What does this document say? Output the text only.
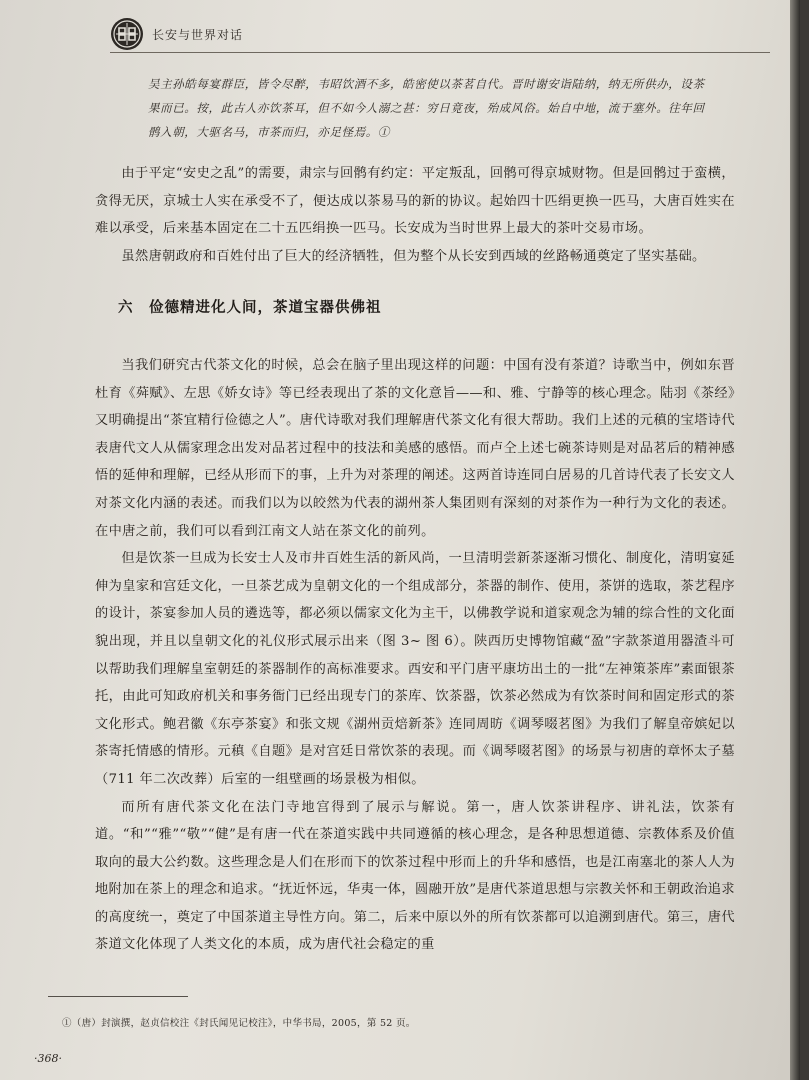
长安与世界对话
吴主孙皓每宴群臣，皆令尽醉，韦昭饮酒不多，皓密使以茶茗自代。晋时谢安诣陆纳，纳无所供办，设茶果而已。按，此古人亦饮茶耳，但不如今人溺之甚：穷日竟夜，殆成风俗。始自中地，流于塞外。往年回鹘入朝，大驱名马，市茶而归，亦足怪焉。①

由于平定“安史之乱”的需要，肃宗与回鹘有约定：平定叛乱，回鹘可得京城财物。但是回鹘过于蛮横，贪得无厌，京城士人实在承受不了，便达成以茶易马的新的协议。起始四十匹绢更换一匹马，大唐百姓实在难以承受，后来基本固定在二十五匹绢换一匹马。长安成为当时世界上最大的茶叶交易市场。

虽然唐朝政府和百姓付出了巨大的经济牺牲，但为整个从长安到西域的丝路畅通奠定了坚实基础。

六　俭德精进化人间，茶道宝器供佛祖

当我们研究古代茶文化的时候，总会在脑子里出现这样的问题：中国有没有茶道？诗歌当中，例如东晋杜育《荈赋》、左思《娇女诗》等已经表现出了茶的文化意旨——和、雅、宁静等的核心理念。陆羽《茶经》又明确提出“茶宜精行俭德之人”。唐代诗歌对我们理解唐代茶文化有很大帮助。我们上述的元稹的宝塔诗代表唐代文人从儒家理念出发对品茗过程中的技法和美感的感悟。而卢仝上述七碗茶诗则是对品茗后的精神感悟的延伸和理解，已经从形而下的事，上升为对茶理的阐述。这两首诗连同白居易的几首诗代表了长安文人对茶文化内涵的表述。而我们以为以皎然为代表的湖州茶人集团则有深刻的对茶作为一种行为文化的表述。在中唐之前，我们可以看到江南文人站在茶文化的前列。

但是饮茶一旦成为长安士人及市井百姓生活的新风尚，一旦清明尝新茶逐渐习惯化、制度化，清明宴延伸为皇家和宫廷文化，一旦茶艺成为皇朝文化的一个组成部分，茶器的制作、使用，茶饼的选取，茶艺程序的设计，茶宴参加人员的遴选等，都必须以儒家文化为主干，以佛教学说和道家观念为辅的综合性的文化面貌出现，并且以皇朝文化的礼仪形式展示出来（图 3~ 图 6）。陕西历史博物馆藏“盈”字款茶道用器渣斗可以帮助我们理解皇室朝廷的茶器制作的高标准要求。西安和平门唐平康坊出土的一批“左神策茶库”素面银茶托，由此可知政府机关和事务衙门已经出现专门的茶库、饮茶器，饮茶必然成为有饮茶时间和固定形式的茶文化形式。鲍君徽《东亭茶宴》和张文规《湖州贡焙新茶》连同周昉《调琴啜茗图》为我们了解皇帝嫔妃以茶寄托情感的情形。元稹《自题》是对宫廷日常饮茶的表现。而《调琴啜茗图》的场景与初唐的章怀太子墓（711 年二次改葬）后室的一组壁画的场景极为相似。

而所有唐代茶文化在法门寺地宫得到了展示与解说。第一，唐人饮茶讲程序、讲礼法，饮茶有道。“和”“雅”“敬”“健”是有唐一代在茶道实践中共同遵循的核心理念，是各种思想道德、宗教体系及价值取向的最大公约数。这些理念是人们在形而下的饮茶过程中形而上的升华和感悟，也是江南塞北的茶人人为地附加在茶上的理念和追求。“抚近怀远，华夷一体，圆融开放”是唐代茶道思想与宗教关怀和王朝政治追求的高度统一，奠定了中国茶道主导性方向。第二，后来中原以外的所有饮茶都可以追溯到唐代。第三，唐代茶道文化体现了人类文化的本质，成为唐代社会稳定的重

①（唐）封演撰，赵贞信校注《封氏闻见记校注》，中华书局，2005，第 52 页。
·368·
